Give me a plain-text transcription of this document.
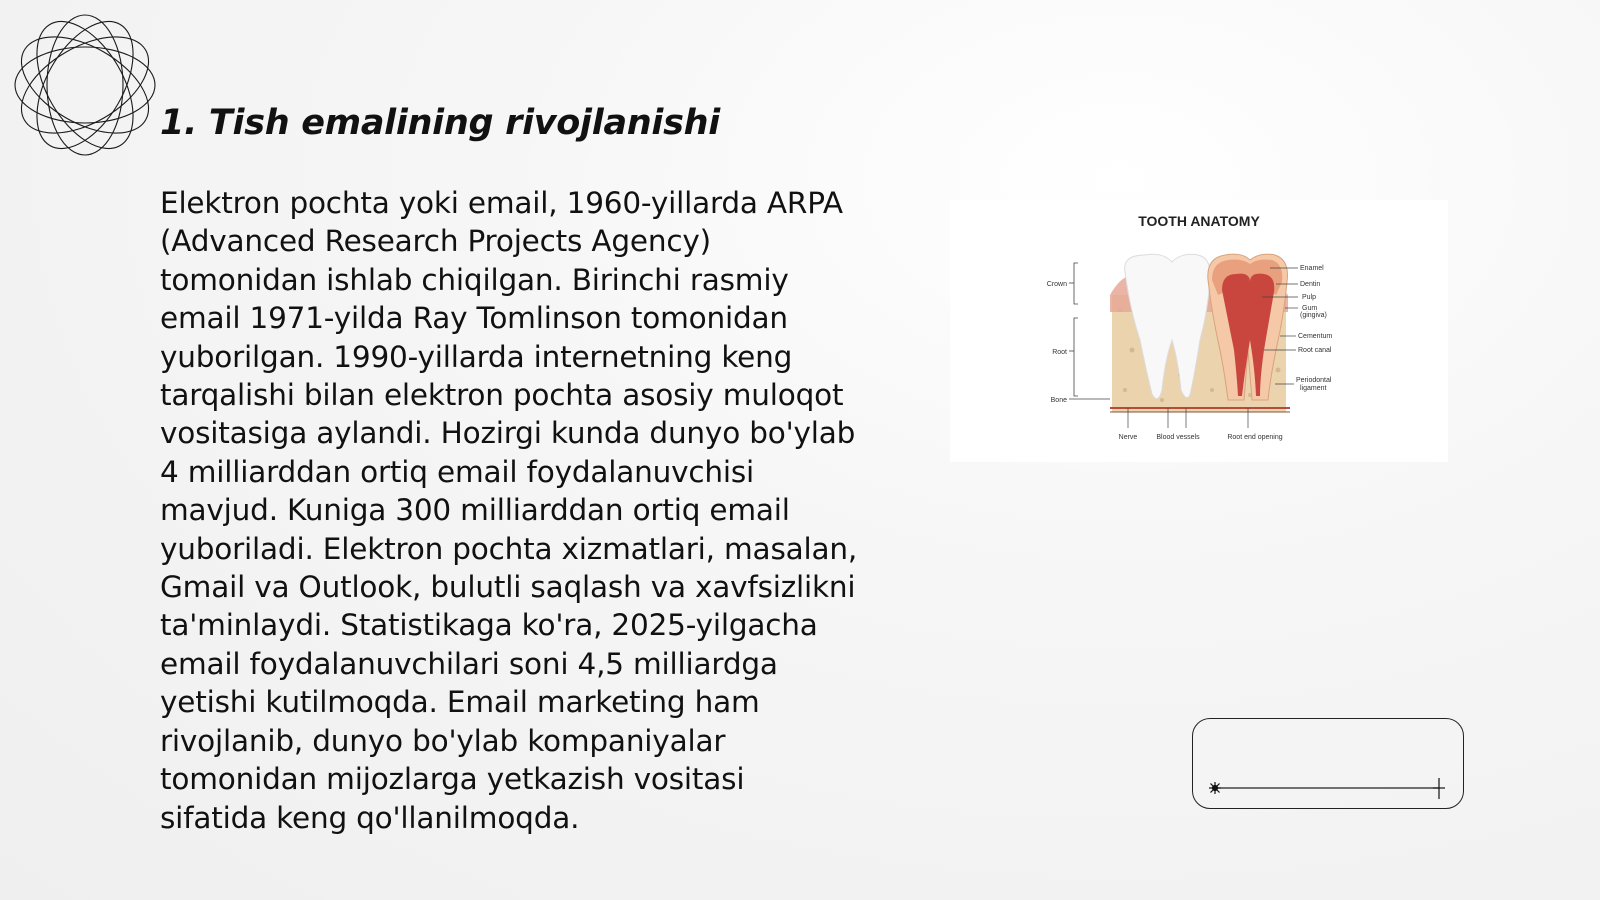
1. Tish emalining rivojlanishi
Elektron pochta yoki email, 1960-yillarda ARPA (Advanced Research Projects Agency) tomonidan ishlab chiqilgan. Birinchi rasmiy email 1971-yilda Ray Tomlinson tomonidan yuborilgan. 1990-yillarda internetning keng tarqalishi bilan elektron pochta asosiy muloqot vositasiga aylandi. Hozirgi kunda dunyo bo'ylab 4 milliarddan ortiq email foydalanuvchisi mavjud. Kuniga 300 milliarddan ortiq email yuboriladi. Elektron pochta xizmatlari, masalan, Gmail va Outlook, bulutli saqlash va xavfsizlikni ta'minlaydi. Statistikaga ko'ra, 2025-yilgacha email foydalanuvchilari soni 4,5 milliardga yetishi kutilmoqda. Email marketing ham rivojlanib, dunyo bo'ylab kompaniyalar tomonidan mijozlarga yetkazish vositasi sifatida keng qo'llanilmoqda.
TOOTH ANATOMY
Crown
Root
Bone
Enamel
Dentin
Pulp
Gum
(gingiva)
Cementum
Root canal
Periodontal
ligament
Nerve	Blood vessels	Root end opening
